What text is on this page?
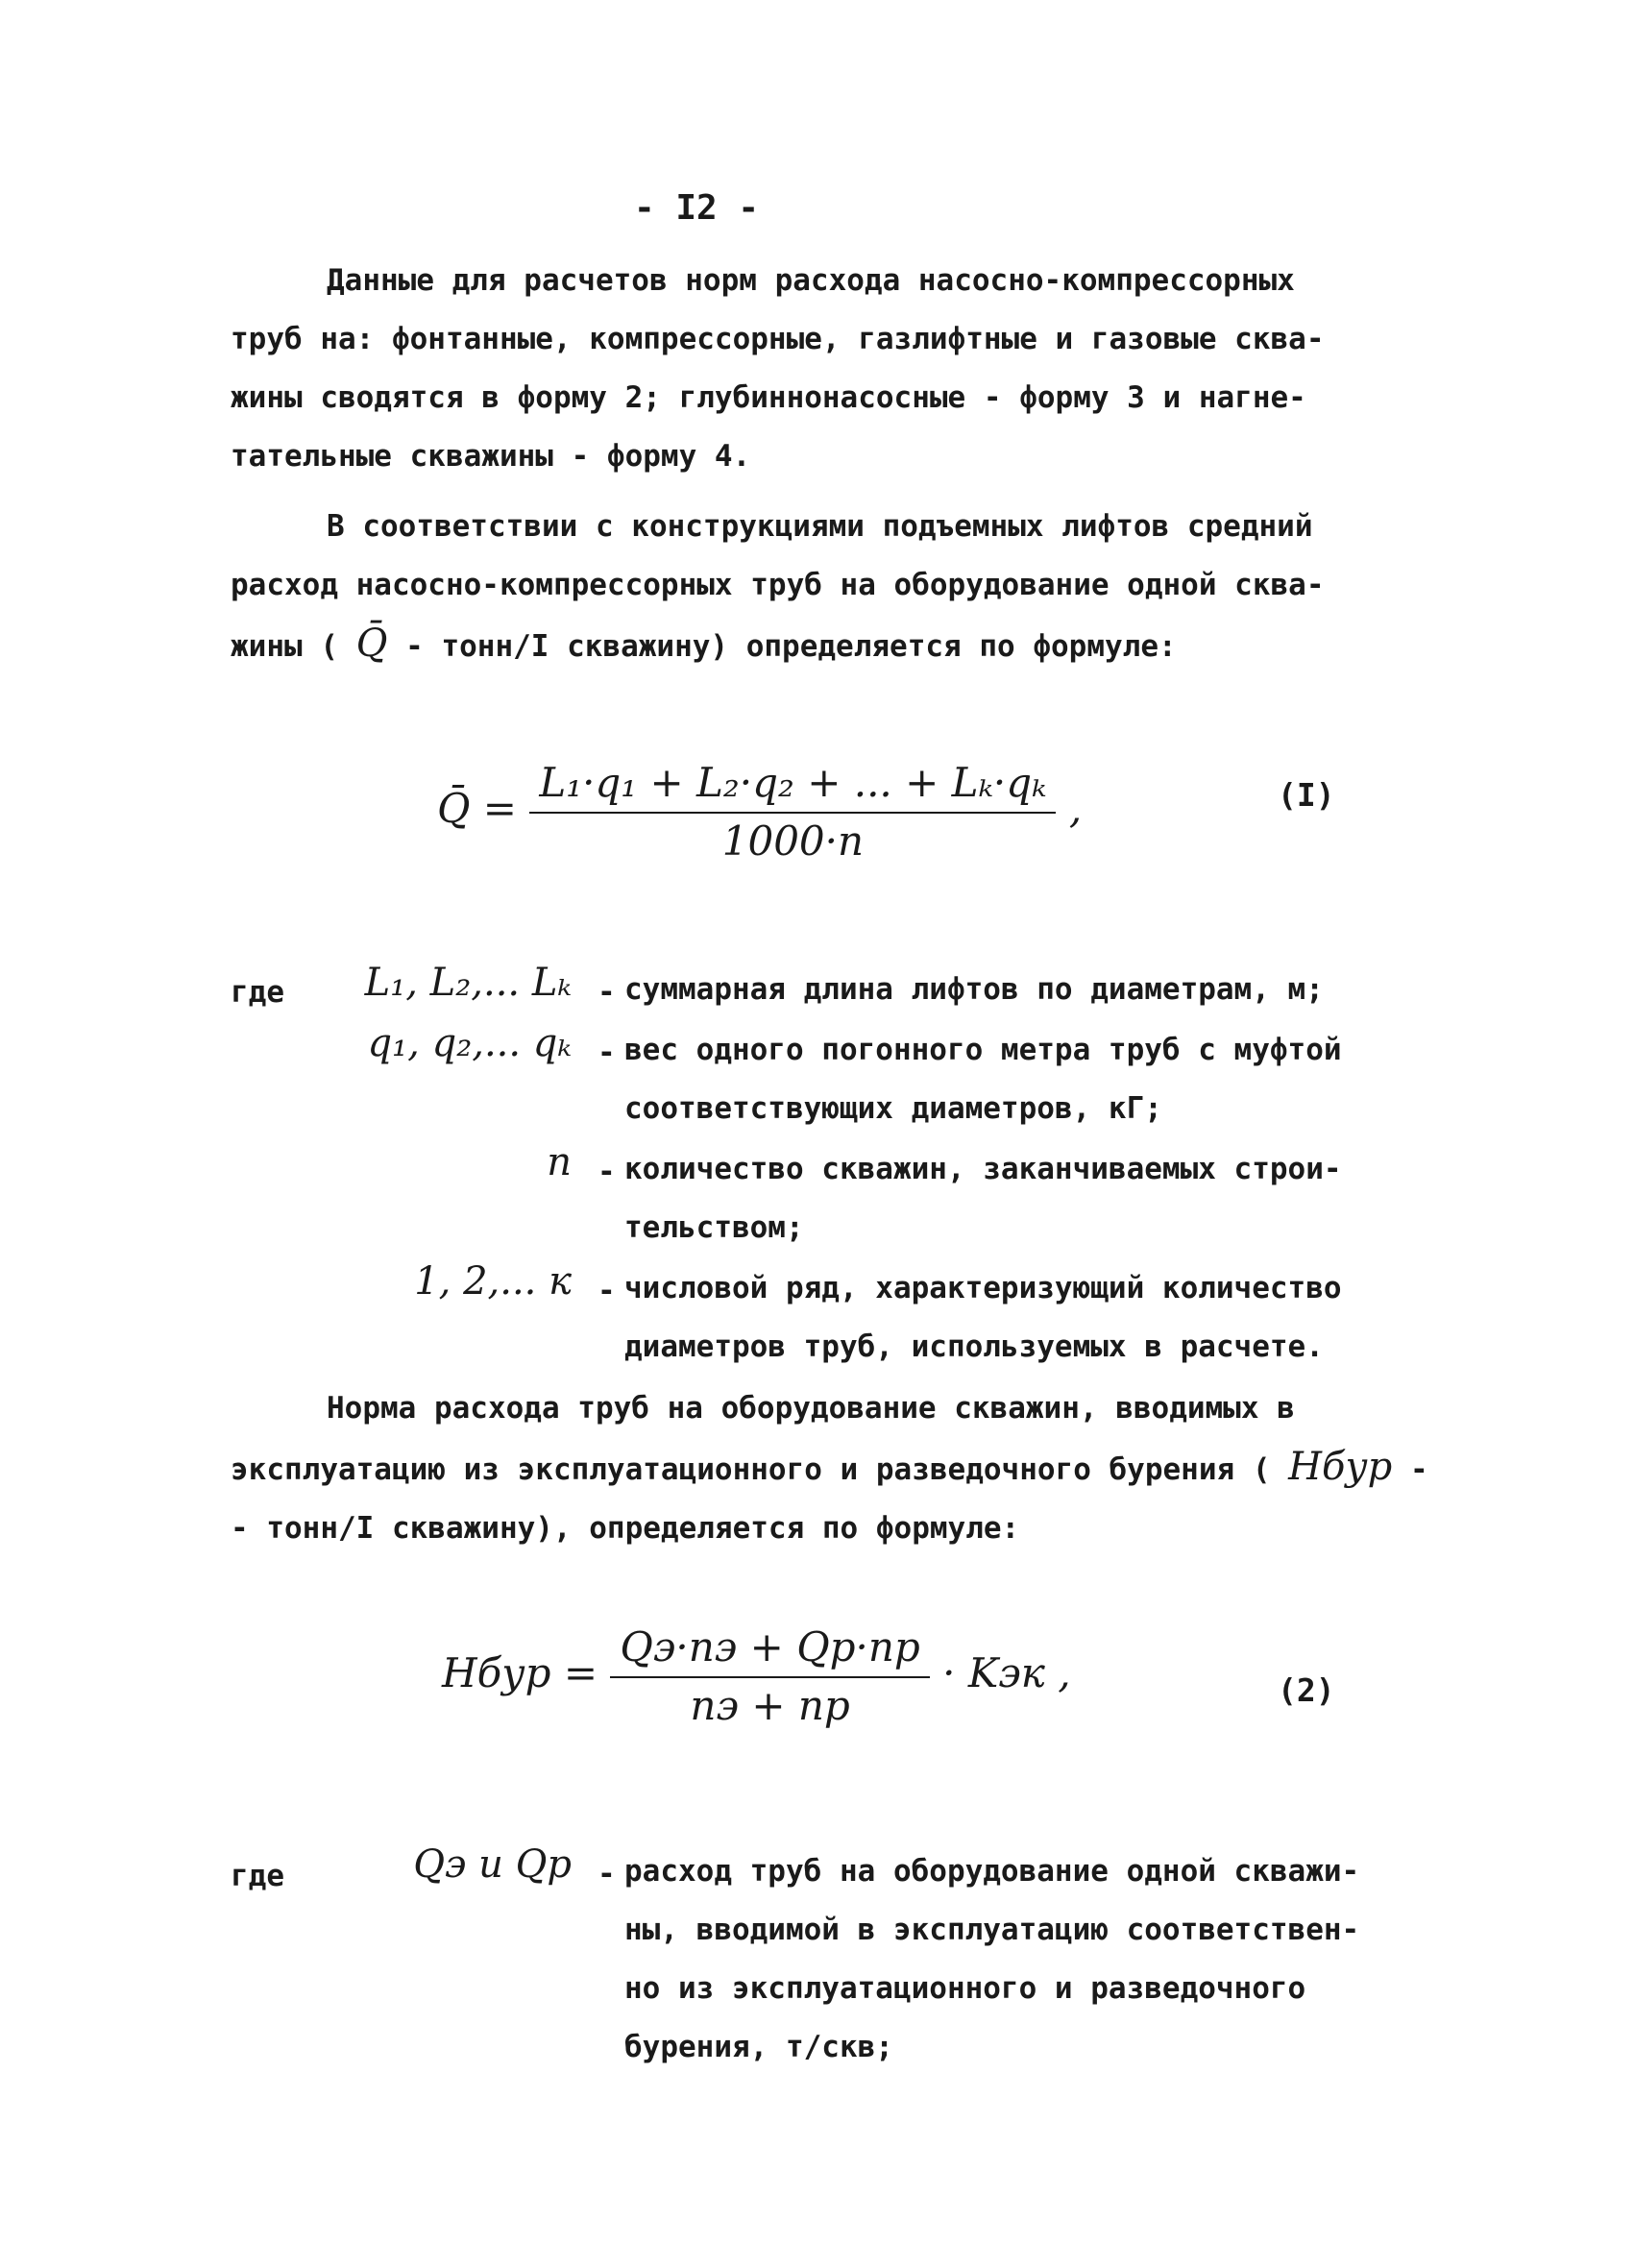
- I2 -
Данные для расчетов норм расхода насосно-компрессорных
труб на: фонтанные, компрессорные, газлифтные и газовые сква-
жины сводятся в форму 2; глубиннонасосные - форму 3 и нагне-
тательные скважины - форму 4.
В соответствии с конструкциями подъемных лифтов средний
расход насосно-компрессорных труб на оборудование одной сква-
жины ( Q̄ - тонн/I скважину) определяется по формуле:
Q̄ = $\frac{\text{L₁·q₁ + L₂·q₂ + ... + Lₖ·qₖ}}{1000\cdot n}$ ,	(I)
где L₁, L₂,... Lₖ - суммарная длина лифтов по диаметрам, м;
q₁, q₂,... qₖ - вес одного погонного метра труб с муфтой
соответствующих диаметров, кГ;
n - количество скважин, заканчиваемых строи-
тельством;
1, 2,... к - числовой ряд, характеризующий количество
диаметров труб, используемых в расчете.
Норма расхода труб на оборудование скважин, вводимых в
эксплуатацию из эксплуатационного и разведочного бурения ( Hбур -
- тонн/I скважину), определяется по формуле:
Hбур = $\frac{Qэ\cdot nэ + Qр\cdot nр}{nэ + nр}$ · Kэк ,	(2)
где	Qэ и Qр - расход труб на оборудование одной скважи-
ны, вводимой в эксплуатацию соответствен-
но из эксплуатационного и разведочного
бурения, т/скв;
